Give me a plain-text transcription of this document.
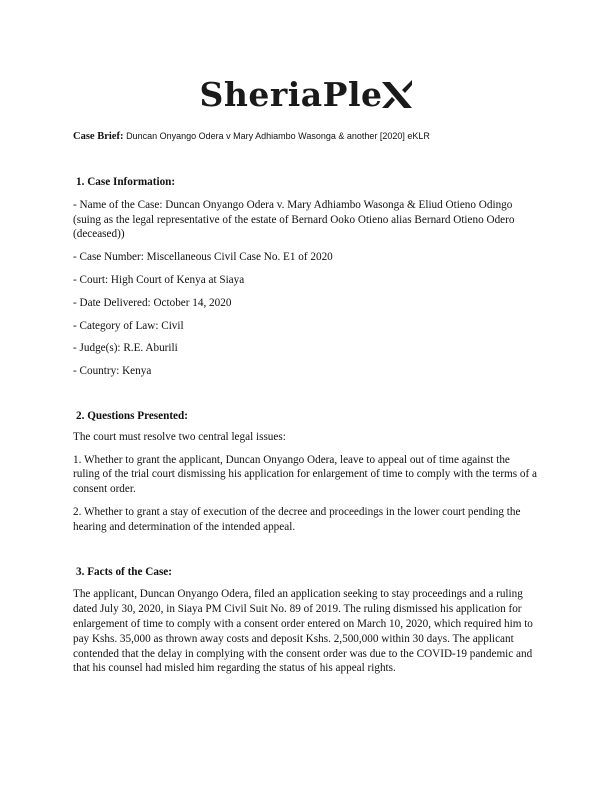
SheriaPle
Case Brief: Duncan Onyango Odera v Mary Adhiambo Wasonga & another [2020] eKLR

1. Case Information:

- Name of the Case: Duncan Onyango Odera v. Mary Adhiambo Wasonga & Eliud Otieno Odingo (suing as the legal representative of the estate of Bernard Ooko Otieno alias Bernard Otieno Odero (deceased))

- Case Number: Miscellaneous Civil Case No. E1 of 2020

- Court: High Court of Kenya at Siaya

- Date Delivered: October 14, 2020

- Category of Law: Civil

- Judge(s): R.E. Aburili

- Country: Kenya

2. Questions Presented:

The court must resolve two central legal issues:

1. Whether to grant the applicant, Duncan Onyango Odera, leave to appeal out of time against the ruling of the trial court dismissing his application for enlargement of time to comply with the terms of a consent order.

2. Whether to grant a stay of execution of the decree and proceedings in the lower court pending the hearing and determination of the intended appeal.

3. Facts of the Case:

The applicant, Duncan Onyango Odera, filed an application seeking to stay proceedings and a ruling dated July 30, 2020, in Siaya PM Civil Suit No. 89 of 2019. The ruling dismissed his application for enlargement of time to comply with a consent order entered on March 10, 2020, which required him to pay Kshs. 35,000 as thrown away costs and deposit Kshs. 2,500,000 within 30 days. The applicant contended that the delay in complying with the consent order was due to the COVID-19 pandemic and that his counsel had misled him regarding the status of his appeal rights.
